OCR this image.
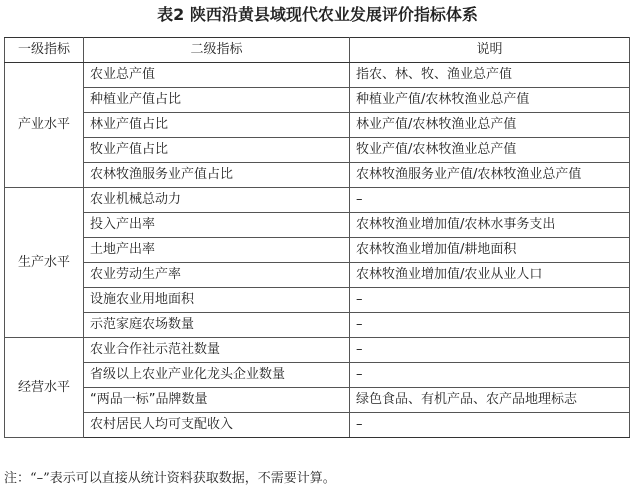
表2 陕西沿黄县域现代农业发展评价指标体系
一级指标	二级指标	说明
产业水平	农业总产值	指农、林、牧、渔业总产值
	种植业产值占比	种植业产值/农林牧渔业总产值
	林业产值占比	林业产值/农林牧渔业总产值
	牧业产值占比	牧业产值/农林牧渔业总产值
	农林牧渔服务业产值占比	农林牧渔服务业产值/农林牧渔业总产值
生产水平	农业机械总动力	–
	投入产出率	农林牧渔业增加值/农林水事务支出
	土地产出率	农林牧渔业增加值/耕地面积
	农业劳动生产率	农林牧渔业增加值/农业从业人口
	设施农业用地面积	–
	示范家庭农场数量	–
经营水平	农业合作社示范社数量	–
	省级以上农业产业化龙头企业数量	–
	“两品一标”品牌数量	绿色食品、有机产品、农产品地理标志
	农村居民人均可支配收入	–
注：“–”表示可以直接从统计资料获取数据，不需要计算。
